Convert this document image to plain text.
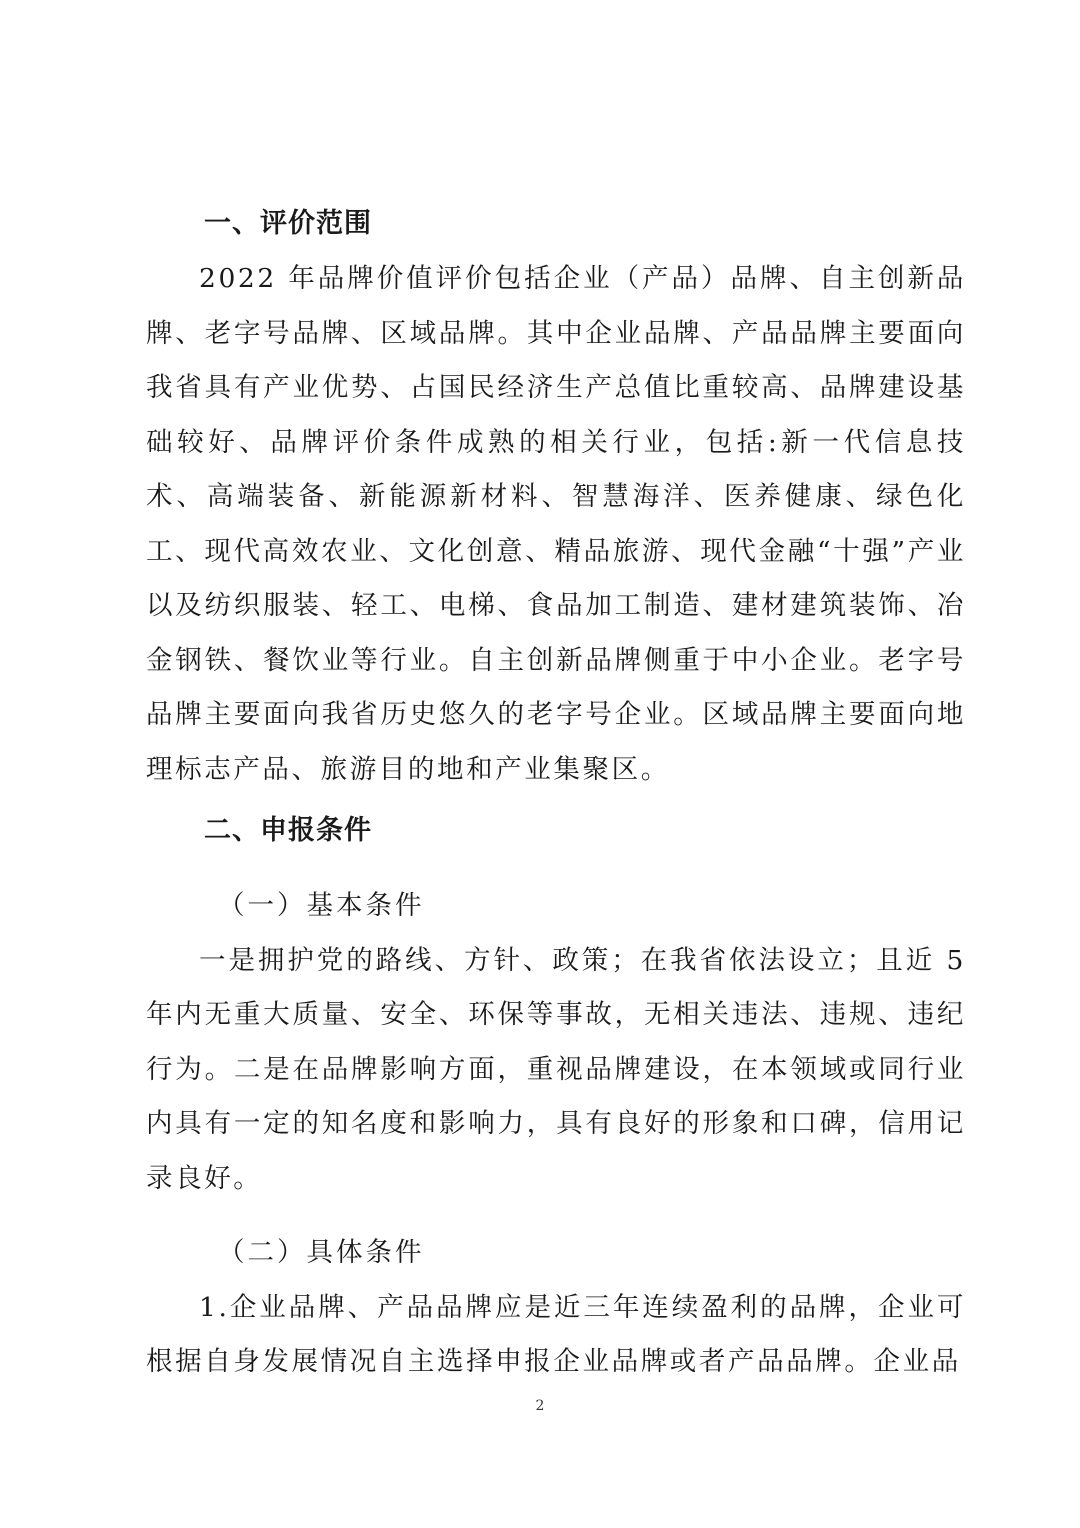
一、评价范围

2022 年品牌价值评价包括企业（产品）品牌、自主创新品牌、老字号品牌、区域品牌。其中企业品牌、产品品牌主要面向我省具有产业优势、占国民经济生产总值比重较高、品牌建设基础较好、品牌评价条件成熟的相关行业，包括:新一代信息技术、高端装备、新能源新材料、智慧海洋、医养健康、绿色化工、现代高效农业、文化创意、精品旅游、现代金融“十强”产业以及纺织服装、轻工、电梯、食品加工制造、建材建筑装饰、冶金钢铁、餐饮业等行业。自主创新品牌侧重于中小企业。老字号品牌主要面向我省历史悠久的老字号企业。区域品牌主要面向地理标志产品、旅游目的地和产业集聚区。

二、申报条件
（一）基本条件

一是拥护党的路线、方针、政策；在我省依法设立；且近 5 年内无重大质量、安全、环保等事故，无相关违法、违规、违纪行为。二是在品牌影响方面，重视品牌建设，在本领域或同行业内具有一定的知名度和影响力，具有良好的形象和口碑，信用记录良好。

（二）具体条件

1.企业品牌、产品品牌应是近三年连续盈利的品牌，企业可根据自身发展情况自主选择申报企业品牌或者产品品牌。企业品

2
